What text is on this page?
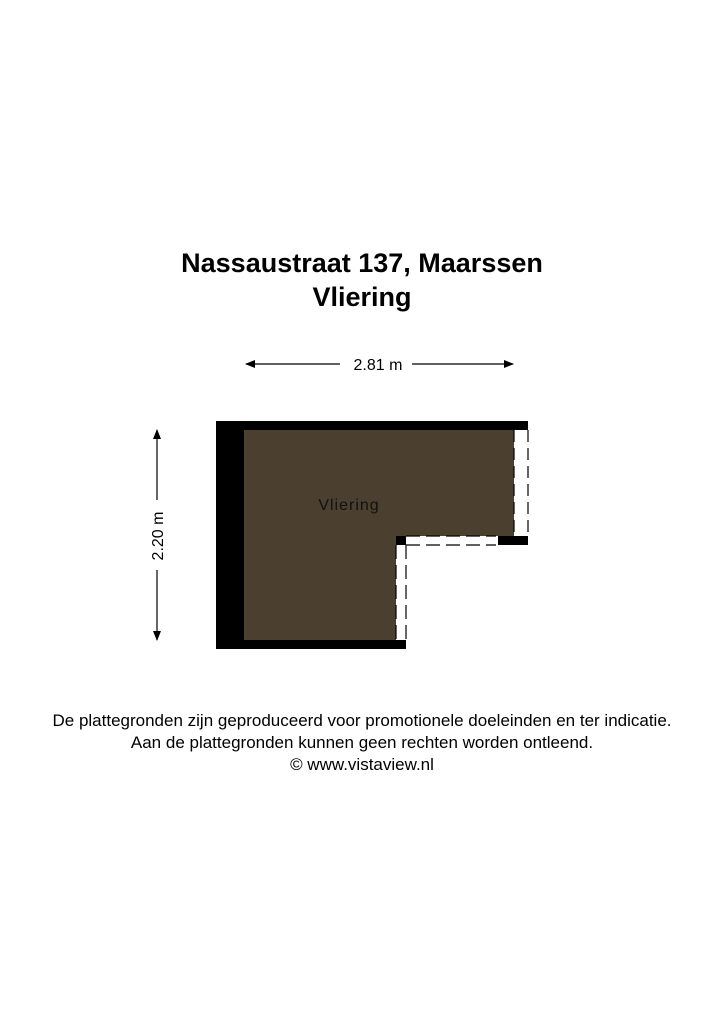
Nassaustraat 137, Maarssen
Vliering
2.81 m
2.20 m
Vliering
De plattegronden zijn geproduceerd voor promotionele doeleinden en ter indicatie.
Aan de plattegronden kunnen geen rechten worden ontleend.
© www.vistaview.nl
